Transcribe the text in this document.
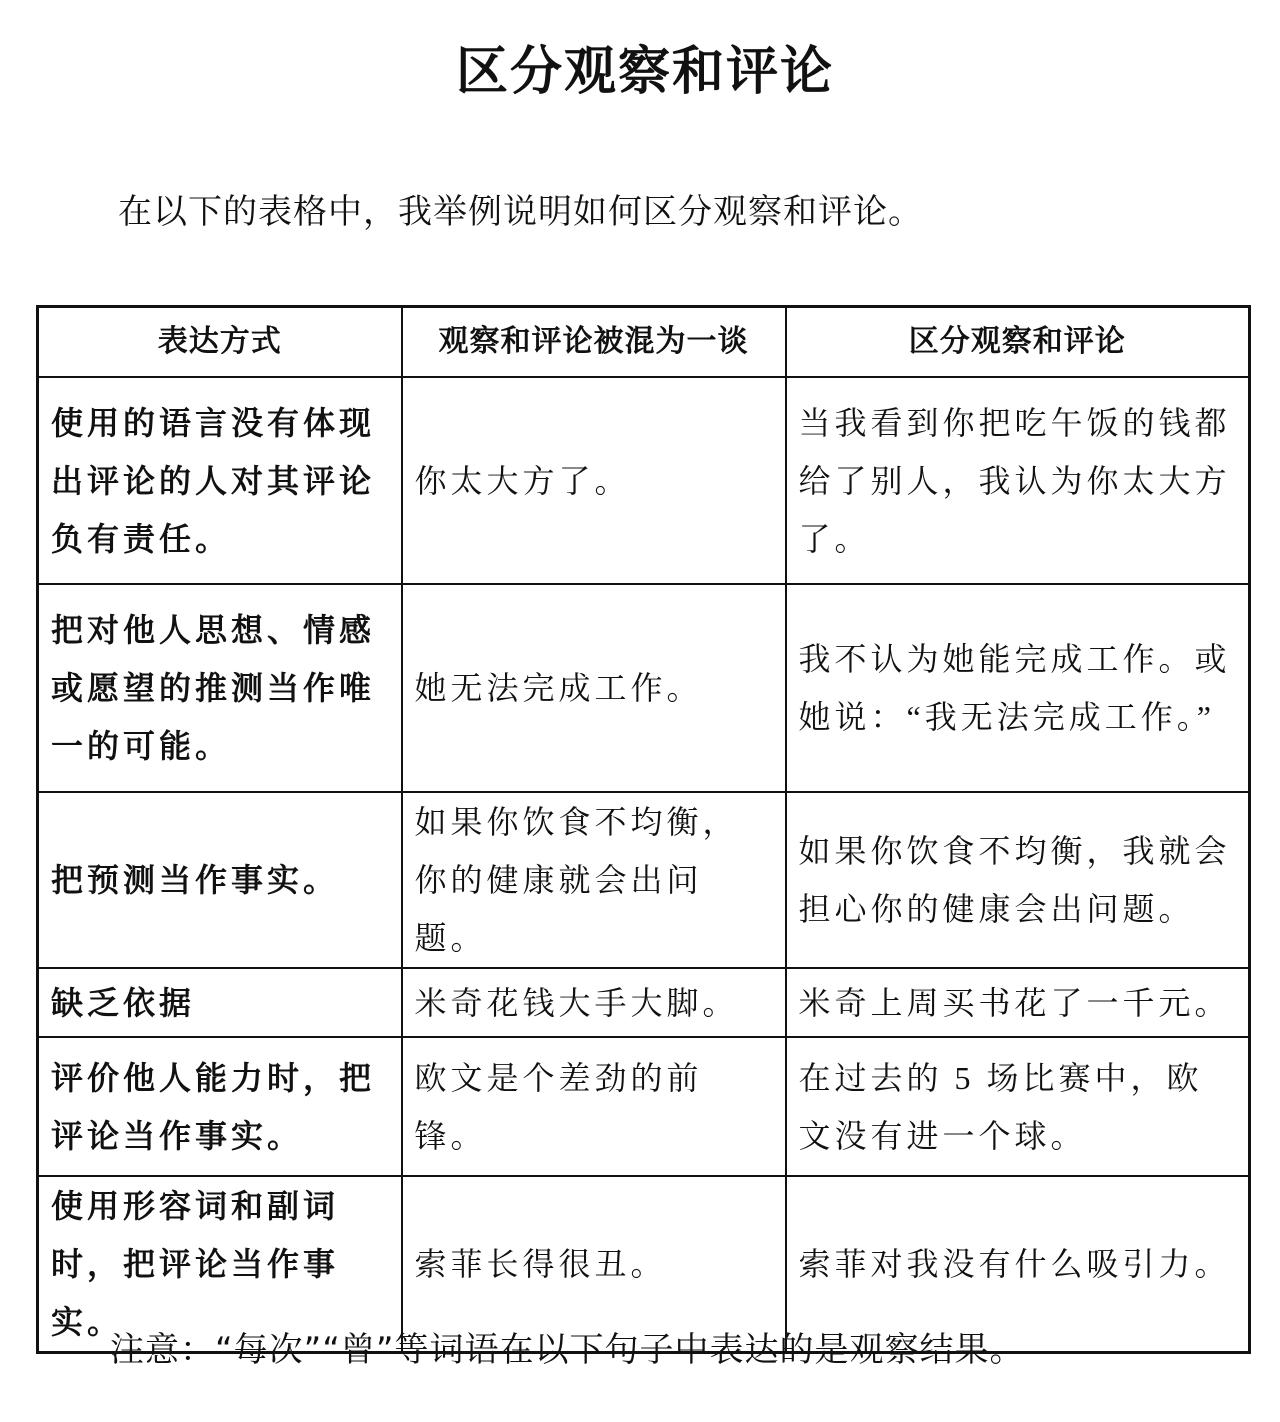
区分观察和评论
在以下的表格中，我举例说明如何区分观察和评论。
表达方式	观察和评论被混为一谈	区分观察和评论
使用的语言没有体现出评论的人对其评论负有责任。	你太大方了。	当我看到你把吃午饭的钱都给了别人，我认为你太大方了。
把对他人思想、情感或愿望的推测当作唯一的可能。	她无法完成工作。	我不认为她能完成工作。或她说：“我无法完成工作。”
把预测当作事实。	如果你饮食不均衡，你的健康就会出问题。	如果你饮食不均衡，我就会担心你的健康会出问题。
缺乏依据	米奇花钱大手大脚。	米奇上周买书花了一千元。
评价他人能力时，把评论当作事实。	欧文是个差劲的前锋。	在过去的 5 场比赛中，欧文没有进一个球。
使用形容词和副词时，把评论当作事实。	索菲长得很丑。	索菲对我没有什么吸引力。
注意：“每次”“曾”等词语在以下句子中表达的是观察结果。
